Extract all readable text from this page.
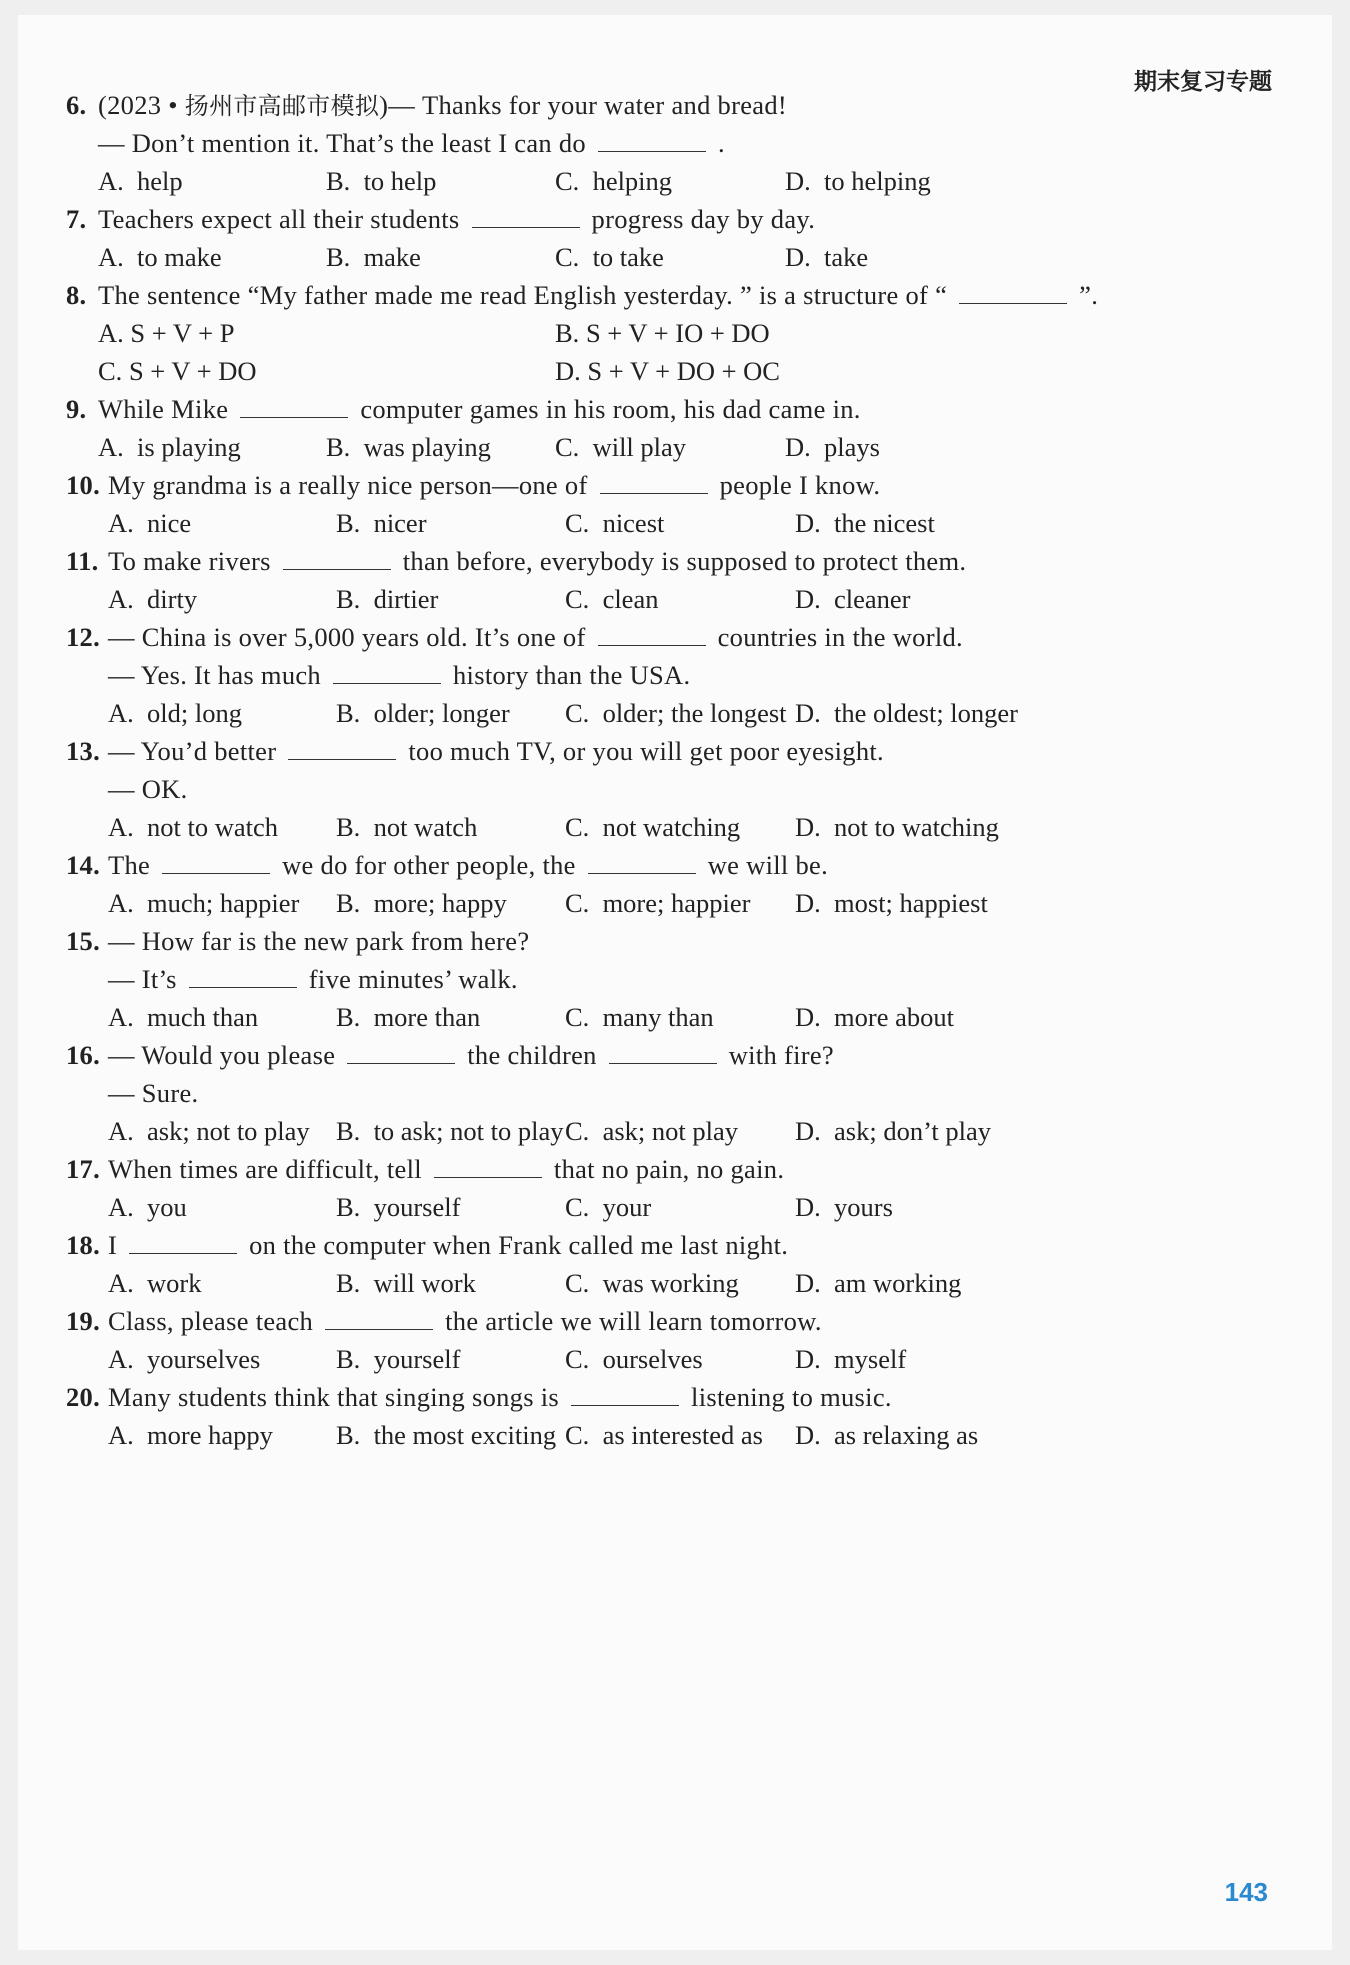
期末复习专题
6. (2023 • 扬州市高邮市模拟)— Thanks for your water and bread!
— Don’t mention it. That’s the least I can do	.
A. help	B. to help	C. helping	D. to helping
7. Teachers expect all their students	progress day by day.
A. to make	B. make	C. to take	D. take
8. The sentence “My father made me read English yesterday. ” is a structure of “	”.
A. S + V + P	B. S + V + IO + DO
C. S + V + DO	D. S + V + DO + OC
9. While Mike	computer games in his room, his dad came in.
A. is playing	B. was playing C. will play	D. plays
10. My grandma is a really nice person—one of	people I know.
A. nice	B. nicer	C. nicest	D. the nicest
11. To make rivers	than before, everybody is supposed to protect them.
A. dirty	B. dirtier	C. clean	D. cleaner
12. — China is over 5,000 years old. It’s one of	countries in the world.
— Yes. It has much	history than the USA.
A. old; long	B. older; longer C. older; the longest D. the oldest; longer
13. — You’d better	too much TV, or you will get poor eyesight.
— OK.
A. not to watch B. not watch	C. not watching D. not to watching
14. The	we do for other people, the	we will be.
A. much; happier B. more; happy C. more; happier D. most; happiest
15. — How far is the new park from here?
— It’s	five minutes’ walk.
A. much than	B. more than	C. many than	D. more about
16. — Would you please	the children	with fire?
— Sure.
A. ask; not to play B. to ask; not to play C. ask; not play D. ask; don’t play
17. When times are difficult, tell	that no pain, no gain.
A. you	B. yourself	C. your	D. yours
18. I	on the computer when Frank called me last night.
A. work	B. will work	C. was working D. am working
19. Class, please teach	the article we will learn tomorrow.
A. yourselves	B. yourself	C. ourselves	D. myself
20. Many students think that singing songs is	listening to music.
A. more happy B. the most exciting C. as interested as D. as relaxing as
143
